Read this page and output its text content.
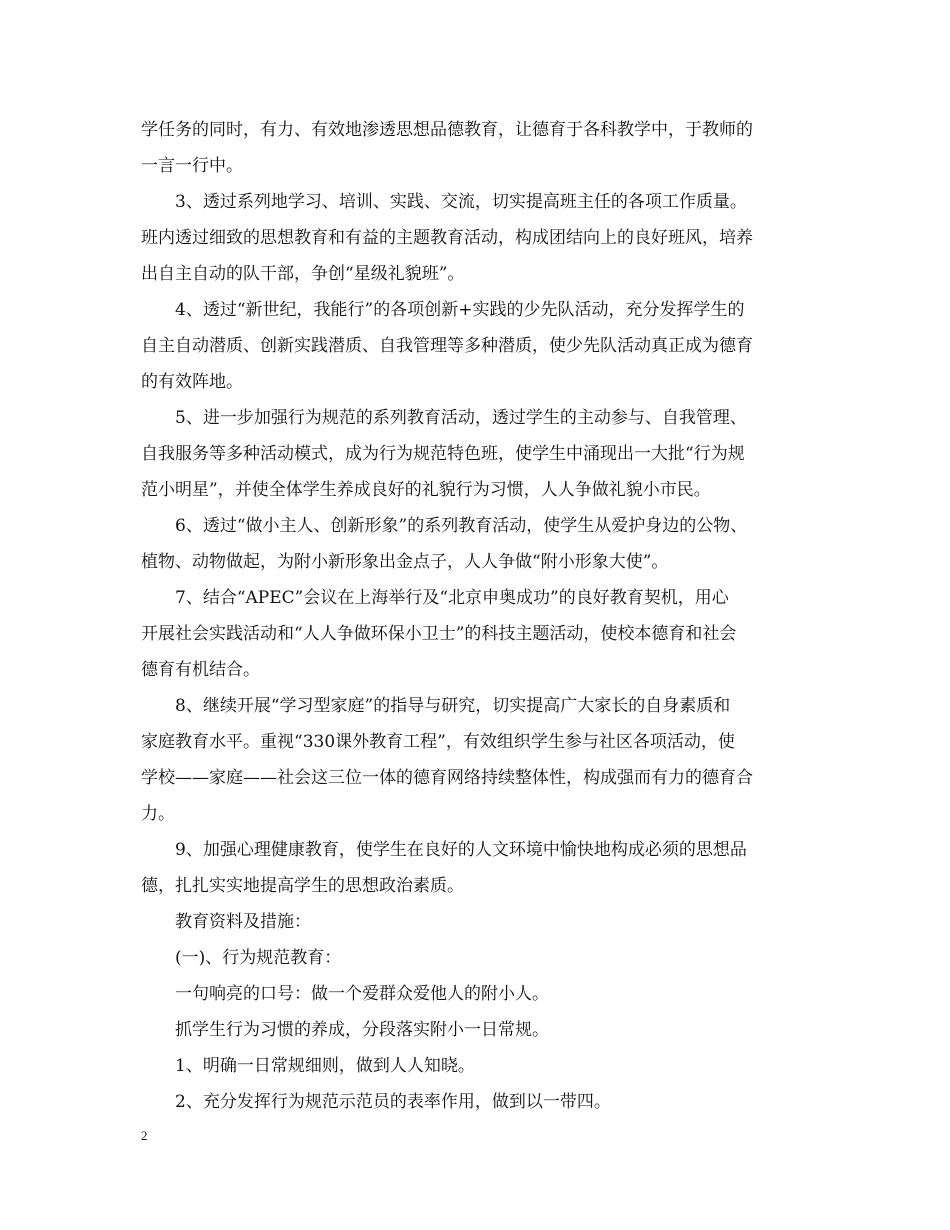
学任务的同时，有力、有效地渗透思想品德教育，让德育于各科教学中，于教师的
一言一行中。
3、透过系列地学习、培训、实践、交流，切实提高班主任的各项工作质量。
班内透过细致的思想教育和有益的主题教育活动，构成团结向上的良好班风，培养
出自主自动的队干部，争创“星级礼貌班”。
4、透过“新世纪，我能行”的各项创新+实践的少先队活动，充分发挥学生的
自主自动潜质、创新实践潜质、自我管理等多种潜质，使少先队活动真正成为德育
的有效阵地。
5、进一步加强行为规范的系列教育活动，透过学生的主动参与、自我管理、
自我服务等多种活动模式，成为行为规范特色班，使学生中涌现出一大批“行为规
范小明星”，并使全体学生养成良好的礼貌行为习惯，人人争做礼貌小市民。
6、透过“做小主人、创新形象”的系列教育活动，使学生从爱护身边的公物、
植物、动物做起，为附小新形象出金点子，人人争做“附小形象大使”。
7、结合“APEC”会议在上海举行及“北京申奥成功”的良好教育契机，用心
开展社会实践活动和“人人争做环保小卫士”的科技主题活动，使校本德育和社会
德育有机结合。
8、继续开展“学习型家庭”的指导与研究，切实提高广大家长的自身素质和
家庭教育水平。重视“330课外教育工程”，有效组织学生参与社区各项活动，使
学校——家庭——社会这三位一体的德育网络持续整体性，构成强而有力的德育合
力。
9、加强心理健康教育，使学生在良好的人文环境中愉快地构成必须的思想品
德，扎扎实实地提高学生的思想政治素质。
教育资料及措施：
(一)、行为规范教育：
一句响亮的口号：做一个爱群众爱他人的附小人。
抓学生行为习惯的养成，分段落实附小一日常规。
1、明确一日常规细则，做到人人知晓。
2、充分发挥行为规范示范员的表率作用，做到以一带四。
2
